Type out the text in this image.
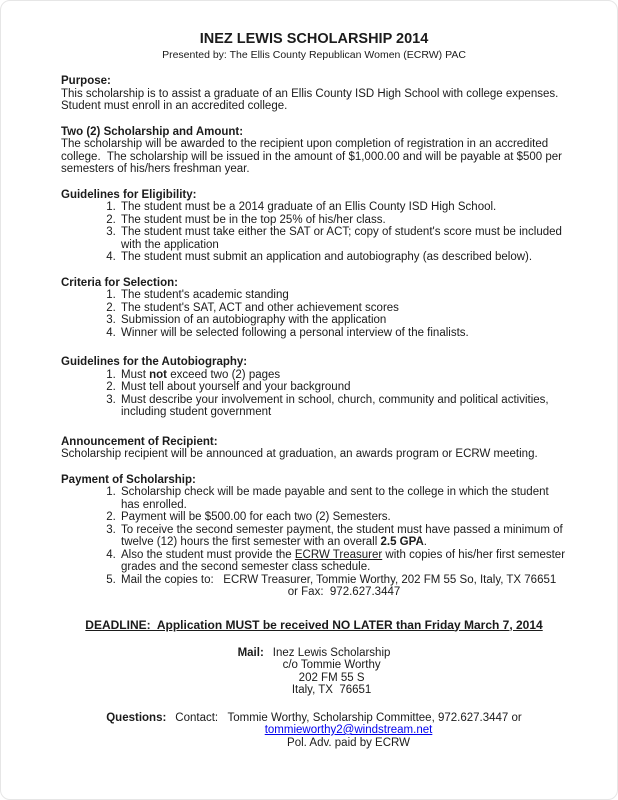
INEZ LEWIS SCHOLARSHIP 2014
Presented by: The Ellis County Republican Women (ECRW) PAC
Purpose:

This scholarship is to assist a graduate of an Ellis County ISD High School with college expenses. Student must enroll in an accredited college.

Two (2) Scholarship and Amount:

The scholarship will be awarded to the recipient upon completion of registration in an accredited college.  The scholarship will be issued in the amount of $1,000.00 and will be payable at $500 per semesters of his/hers freshman year.

Guidelines for Eligibility:
1. The student must be a 2014 graduate of an Ellis County ISD High School.
2. The student must be in the top 25% of his/her class.
3. The student must take either the SAT or ACT; copy of student's score must be included with the application
4. The student must submit an application and autobiography (as described below).
Criteria for Selection:
1. The student's academic standing
2. The student's SAT, ACT and other achievement scores
3. Submission of an autobiography with the application
4. Winner will be selected following a personal interview of the finalists.
Guidelines for the Autobiography:
1. Must not exceed two (2) pages
2. Must tell about yourself and your background
3. Must describe your involvement in school, church, community and political activities, including student government
Announcement of Recipient:

Scholarship recipient will be announced at graduation, an awards program or ECRW meeting.

Payment of Scholarship:
1. Scholarship check will be made payable and sent to the college in which the student has enrolled.
2. Payment will be $500.00 for each two (2) Semesters.
3. To receive the second semester payment, the student must have passed a minimum of twelve (12) hours the first semester with an overall 2.5 GPA.
4. Also the student must provide the ECRW Treasurer with copies of his/her first semester grades and the second semester class schedule.
5. Mail the copies to:   ECRW Treasurer, Tommie Worthy, 202 FM 55 So, Italy, TX 76651
or Fax:  972.627.3447
DEADLINE:  Application MUST be received NO LATER than Friday March 7, 2014
Mail: Inez Lewis Scholarship
c/o Tommie Worthy
202 FM 55 S
Italy, TX  76651
Questions: Contact:   Tommie Worthy, Scholarship Committee, 972.627.3447 or
tommieworthy2@windstream.net
Pol. Adv. paid by ECRW
